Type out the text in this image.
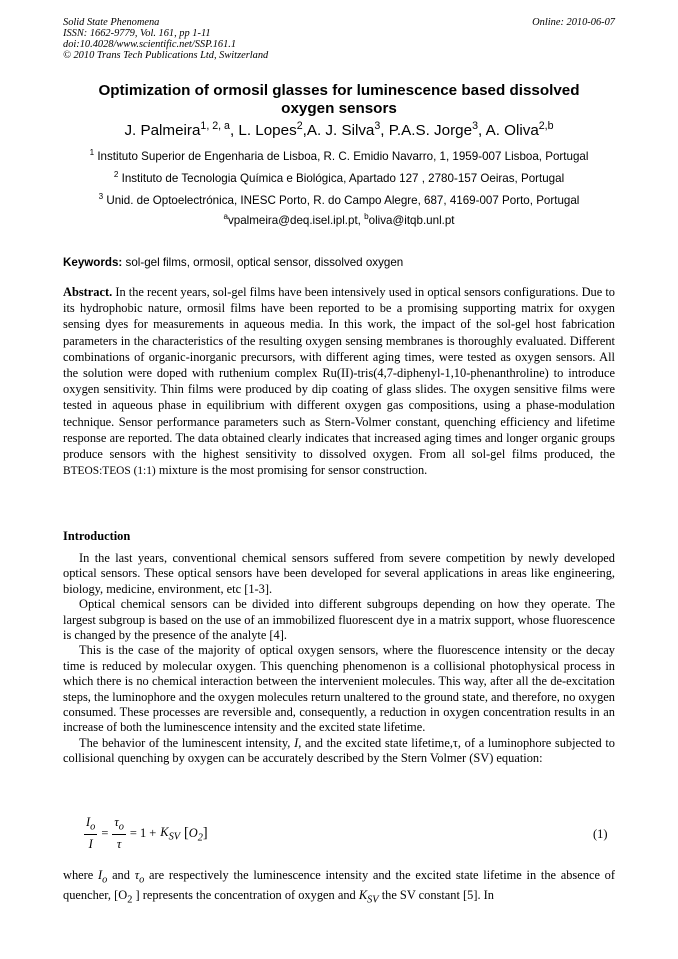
Solid State Phenomena
ISSN: 1662-9779, Vol. 161, pp 1-11
doi:10.4028/www.scientific.net/SSP.161.1
© 2010 Trans Tech Publications Ltd, Switzerland
Online: 2010-06-07
Optimization of ormosil glasses for luminescence based dissolved
oxygen sensors
J. Palmeira$^{1, 2, a}$, L. Lopes$^2$,A. J. Silva$^3$, P.A.S. Jorge$^3$, A. Oliva$^{2,b}$
$^1$ Instituto Superior de Engenharia de Lisboa, R. C. Emidio Navarro, 1, 1959-007 Lisboa, Portugal
$^2$ Instituto de Tecnologia Química e Biológica, Apartado 127 , 2780-157 Oeiras, Portugal
$^3$ Unid. de Optoelectrónica, INESC Porto, R. do Campo Alegre, 687, 4169-007 Porto, Portugal
$^a$vpalmeira@deq.isel.ipl.pt, $^b$oliva@itqb.unl.pt
Keywords: sol-gel films, ormosil, optical sensor, dissolved oxygen
Abstract. In the recent years, sol-gel films have been intensively used in optical sensors configurations. Due to its hydrophobic nature, ormosil films have been reported to be a promising supporting matrix for oxygen sensing dyes for measurements in aqueous media. In this work, the impact of the sol-gel host fabrication parameters in the characteristics of the resulting oxygen sensing membranes is thoroughly evaluated. Different combinations of organic-inorganic precursors, with different aging times, were tested as oxygen sensors. All the solution were doped with ruthenium complex Ru(II)-tris(4,7-diphenyl-1,10-phenanthroline) to introduce oxygen sensitivity. Thin films were produced by dip coating of glass slides. The oxygen sensitive films were tested in aqueous phase in equilibrium with different oxygen gas compositions, using a phase-modulation technique. Sensor performance parameters such as Stern-Volmer constant, quenching efficiency and lifetime response are reported. The data obtained clearly indicates that increased aging times and longer organic groups produce sensors with the highest sensitivity to dissolved oxygen. From all sol-gel films produced, the BTEOS:TEOS (1:1) mixture is the most promising for sensor construction.
Introduction

In the last years, conventional chemical sensors suffered from severe competition by newly developed optical sensors. These optical sensors have been developed for several applications in areas like engineering, biology, medicine, environment, etc [1-3].

Optical chemical sensors can be divided into different subgroups depending on how they operate. The largest subgroup is based on the use of an immobilized fluorescent dye in a matrix support, whose fluorescence is changed by the presence of the analyte [4].

This is the case of the majority of optical oxygen sensors, where the fluorescence intensity or the decay time is reduced by molecular oxygen. This quenching phenomenon is a collisional photophysical process in which there is no chemical interaction between the intervenient molecules. This way, after all the de-excitation steps, the luminophore and the oxygen molecules return unaltered to the ground state, and therefore, no oxygen consumed. These processes are reversible and, consequently, a reduction in oxygen concentration results in an increase of both the luminescence intensity and the excited state lifetime.

The behavior of the luminescent intensity, I, and the excited state lifetime,τ, of a luminophore subjected to collisional quenching by oxygen can be accurately described by the Stern Volmer (SV) equation:

$\frac{I_o}{I} = \frac{\tau_o}{\tau} = 1 + K_{SV}$ $[O_2]$	(1)

where $I_o$ and $\tau_o$ are respectively the luminescence intensity and the excited state lifetime in the absence of quencher, [$O_2$ ] represents the concentration of oxygen and $K_{SV}$ the SV constant [5]. In
